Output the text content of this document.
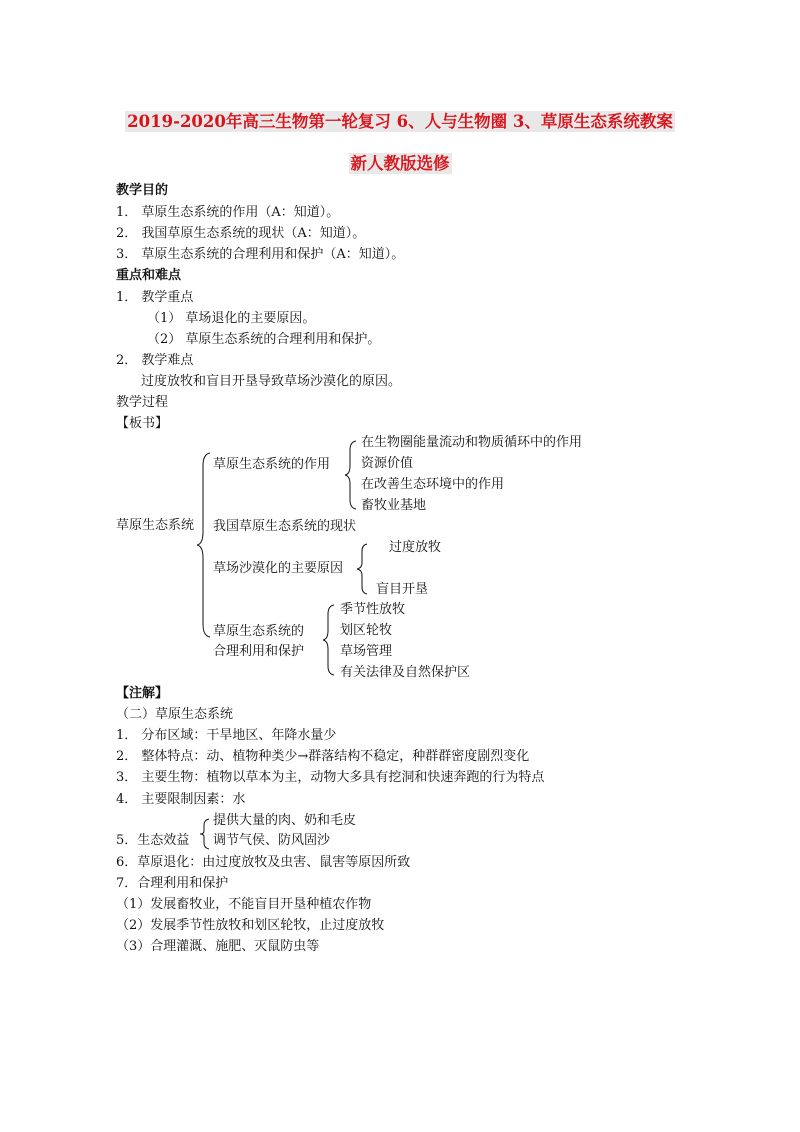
2019-2020年高三生物第一轮复习 6、人与生物圈 3、草原生态系统教案
新人教版选修
教学目的
1． 草原生态系统的作用（A：知道）。
2． 我国草原生态系统的现状（A：知道）。
3． 草原生态系统的合理利用和保护（A：知道）。
重点和难点
1． 教学重点
（1） 草场退化的主要原因。
（2） 草原生态系统的合理利用和保护。
2． 教学难点
过度放牧和盲目开垦导致草场沙漠化的原因。
教学过程
【板书】
草原生态系统
草原生态系统的作用
在生物圈能量流动和物质循环中的作用
资源价值
在改善生态环境中的作用
畜牧业基地
我国草原生态系统的现状
草场沙漠化的主要原因
过度放牧
盲目开垦
草原生态系统的
合理利用和保护
季节性放牧
划区轮牧
草场管理
有关法律及自然保护区
【注解】
（二）草原生态系统
1． 分布区域：干旱地区、年降水量少
2． 整体特点：动、植物种类少→群落结构不稳定，种群群密度剧烈变化
3． 主要生物：植物以草本为主，动物大多具有挖洞和快速奔跑的行为特点
4． 主要限制因素：水
5．生态效益
提供大量的肉、奶和毛皮
调节气侯、防风固沙
6．草原退化：由过度放牧及虫害、鼠害等原因所致
7．合理利用和保护
（1）发展畜牧业，不能盲目开垦种植农作物
（2）发展季节性放牧和划区轮牧，止过度放牧
（3）合理灌溉、施肥、灭鼠防虫等
